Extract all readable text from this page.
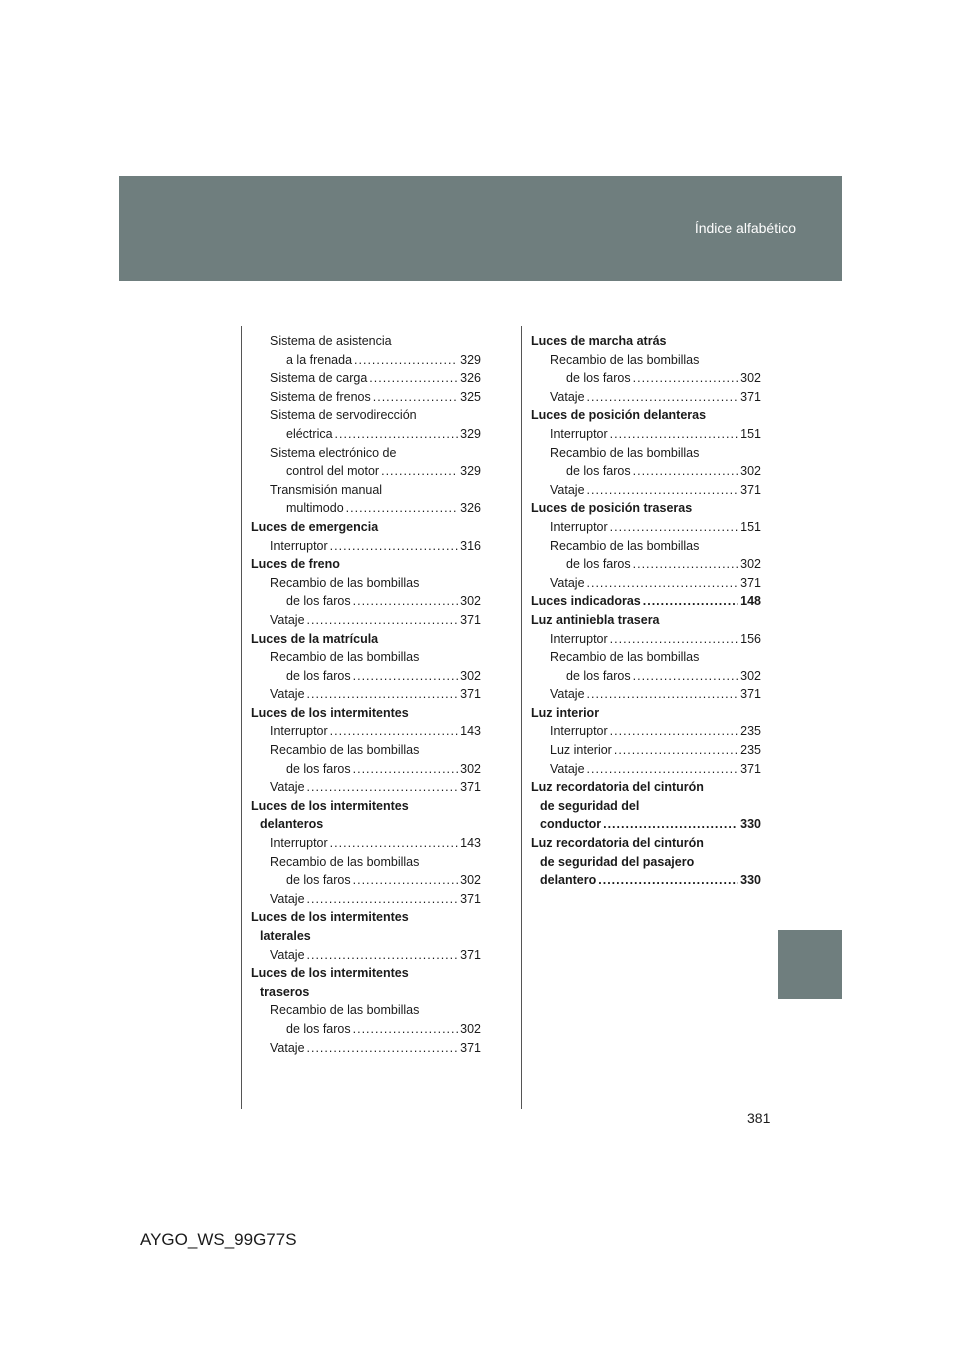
Índice alfabético
Sistema de asistencia
a la frenada .....	329
Sistema de carga .....	326
Sistema de frenos .....	325
Sistema de servodirección
eléctrica .....	329
Sistema electrónico de
control del motor .....	329
Transmisión manual
multimodo .....	326
Luces de emergencia
Interruptor .....	316
Luces de freno
Recambio de las bombillas
de los faros .....	302
Vataje .....	371
Luces de la matrícula
Recambio de las bombillas
de los faros .....	302
Vataje .....	371
Luces de los intermitentes
Interruptor .....	143
Recambio de las bombillas
de los faros .....	302
Vataje .....	371
Luces de los intermitentes
delanteros
Interruptor .....	143
Recambio de las bombillas
de los faros .....	302
Vataje .....	371
Luces de los intermitentes
laterales
Vataje .....	371
Luces de los intermitentes
traseros
Recambio de las bombillas
de los faros .....	302
Vataje .....	371
Luces de marcha atrás
Recambio de las bombillas
de los faros .....	302
Vataje .....	371
Luces de posición delanteras
Interruptor .....	151
Recambio de las bombillas
de los faros .....	302
Vataje .....	371
Luces de posición traseras
Interruptor .....	151
Recambio de las bombillas
de los faros .....	302
Vataje .....	371
Luces indicadoras .....	148
Luz antiniebla trasera
Interruptor .....	156
Recambio de las bombillas
de los faros .....	302
Vataje .....	371
Luz interior
Interruptor .....	235
Luz interior .....	235
Vataje .....	371
Luz recordatoria del cinturón
de seguridad del
conductor .....	330
Luz recordatoria del cinturón
de seguridad del pasajero
delantero .....	330
381
AYGO_WS_99G77S
